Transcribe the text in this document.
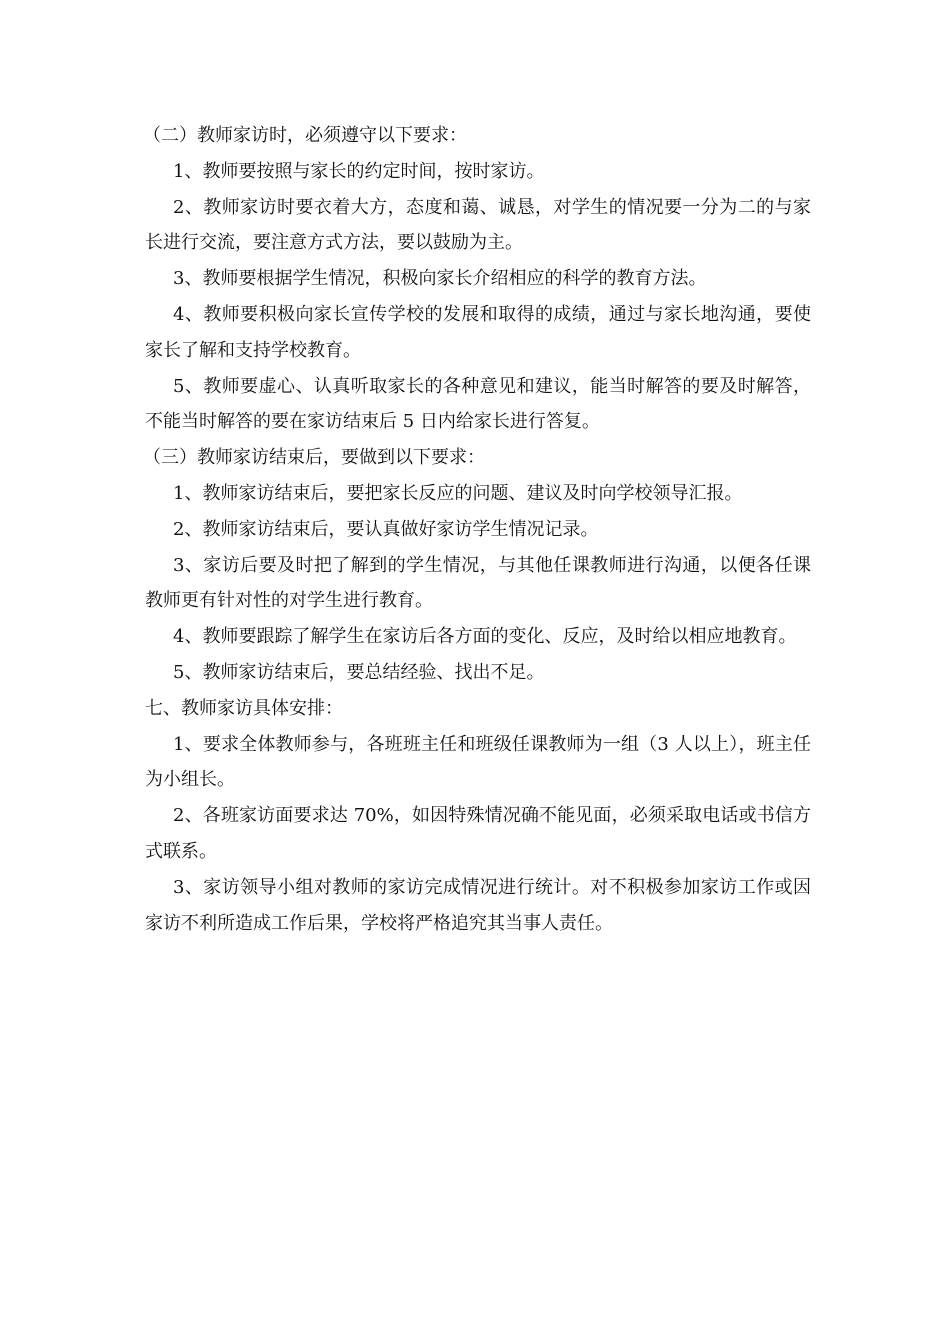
（二）教师家访时，必须遵守以下要求：

1、教师要按照与家长的约定时间，按时家访。

2、教师家访时要衣着大方，态度和蔼、诚恳，对学生的情况要一分为二的与家长进行交流，要注意方式方法，要以鼓励为主。

3、教师要根据学生情况，积极向家长介绍相应的科学的教育方法。

4、教师要积极向家长宣传学校的发展和取得的成绩，通过与家长地沟通，要使家长了解和支持学校教育。

5、教师要虚心、认真听取家长的各种意见和建议，能当时解答的要及时解答，不能当时解答的要在家访结束后 5 日内给家长进行答复。

（三）教师家访结束后，要做到以下要求：

1、教师家访结束后，要把家长反应的问题、建议及时向学校领导汇报。

2、教师家访结束后，要认真做好家访学生情况记录。

3、家访后要及时把了解到的学生情况，与其他任课教师进行沟通，以便各任课教师更有针对性的对学生进行教育。

4、教师要跟踪了解学生在家访后各方面的变化、反应，及时给以相应地教育。

5、教师家访结束后，要总结经验、找出不足。

七、教师家访具体安排：

1、要求全体教师参与，各班班主任和班级任课教师为一组（3 人以上），班主任为小组长。

2、各班家访面要求达 70%，如因特殊情况确不能见面，必须采取电话或书信方式联系。

3、家访领导小组对教师的家访完成情况进行统计。对不积极参加家访工作或因家访不利所造成工作后果，学校将严格追究其当事人责任。
